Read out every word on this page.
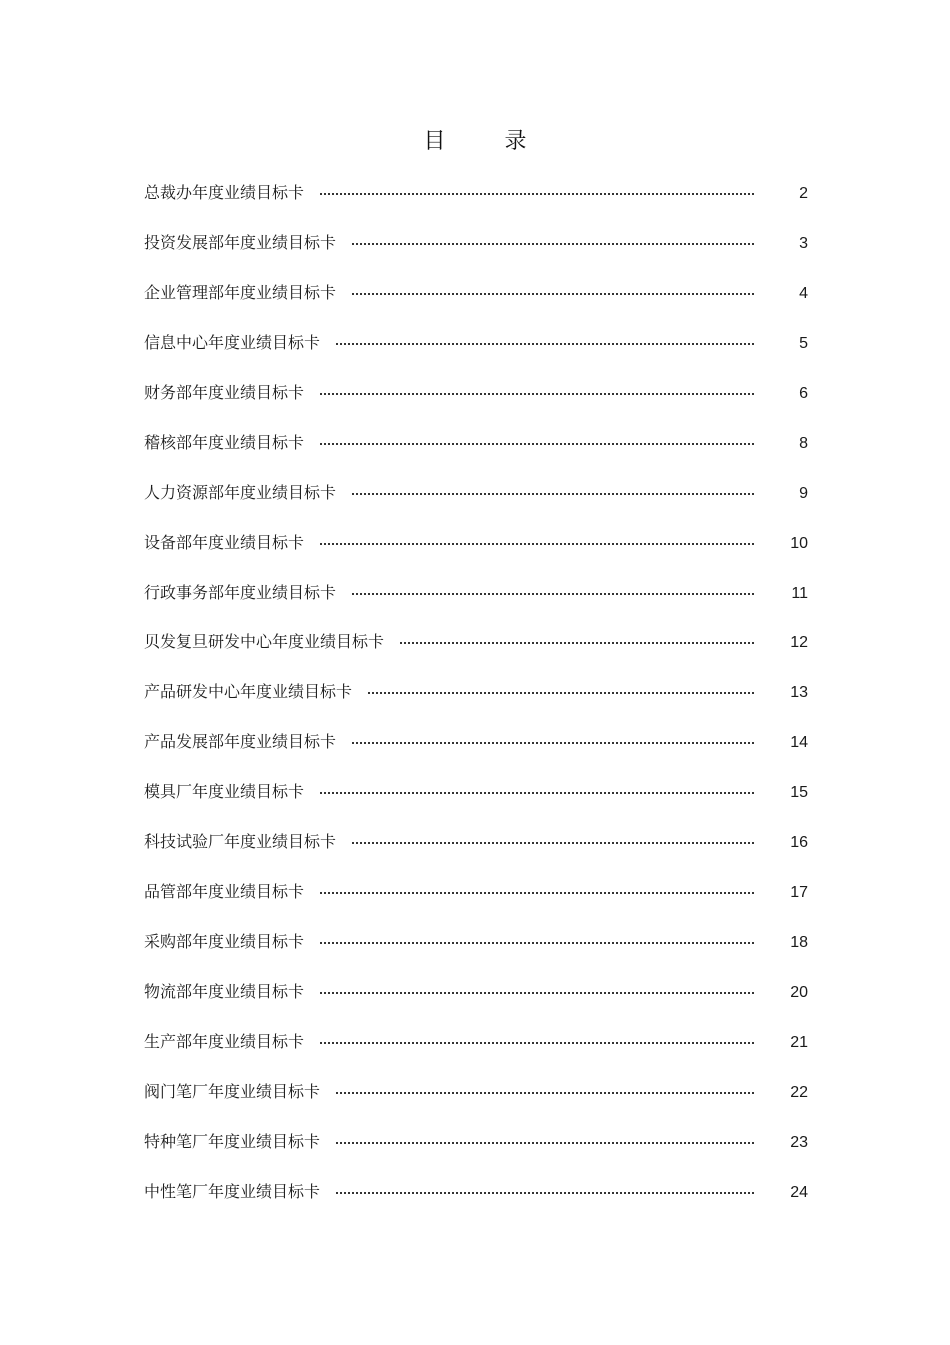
目 录
总裁办年度业绩目标卡	2
投资发展部年度业绩目标卡	3
企业管理部年度业绩目标卡	4
信息中心年度业绩目标卡	5
财务部年度业绩目标卡	6
稽核部年度业绩目标卡	8
人力资源部年度业绩目标卡	9
设备部年度业绩目标卡	10
行政事务部年度业绩目标卡	11
贝发复旦研发中心年度业绩目标卡	12
产品研发中心年度业绩目标卡	13
产品发展部年度业绩目标卡	14
模具厂年度业绩目标卡	15
科技试验厂年度业绩目标卡	16
品管部年度业绩目标卡	17
采购部年度业绩目标卡	18
物流部年度业绩目标卡	20
生产部年度业绩目标卡	21
阀门笔厂年度业绩目标卡	22
特种笔厂年度业绩目标卡	23
中性笔厂年度业绩目标卡	24
